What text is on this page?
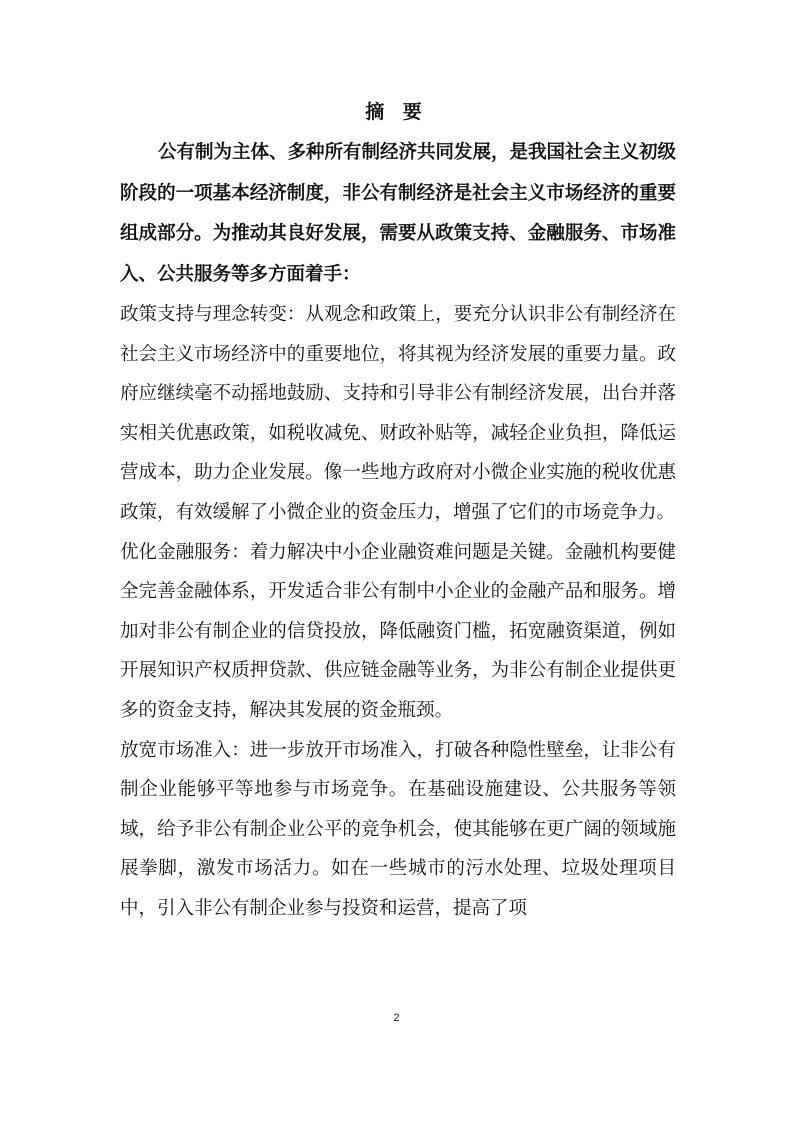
摘 要

公有制为主体、多种所有制经济共同发展，是我国社会主义初级阶段的一项基本经济制度，非公有制经济是社会主义市场经济的重要组成部分。为推动其良好发展，需要从政策支持、金融服务、市场准入、公共服务等多方面着手：

政策支持与理念转变：从观念和政策上，要充分认识非公有制经济在社会主义市场经济中的重要地位，将其视为经济发展的重要力量。政府应继续毫不动摇地鼓励、支持和引导非公有制经济发展，出台并落实相关优惠政策，如税收减免、财政补贴等，减轻企业负担，降低运营成本，助力企业发展。像一些地方政府对小微企业实施的税收优惠政策，有效缓解了小微企业的资金压力，增强了它们的市场竞争力。

优化金融服务：着力解决中小企业融资难问题是关键。金融机构要健全完善金融体系，开发适合非公有制中小企业的金融产品和服务。增加对非公有制企业的信贷投放，降低融资门槛，拓宽融资渠道，例如开展知识产权质押贷款、供应链金融等业务，为非公有制企业提供更多的资金支持，解决其发展的资金瓶颈。

放宽市场准入：进一步放开市场准入，打破各种隐性壁垒，让非公有制企业能够平等地参与市场竞争。在基础设施建设、公共服务等领域，给予非公有制企业公平的竞争机会，使其能够在更广阔的领域施展拳脚，激发市场活力。如在一些城市的污水处理、垃圾处理项目中，引入非公有制企业参与投资和运营，提高了项

2
